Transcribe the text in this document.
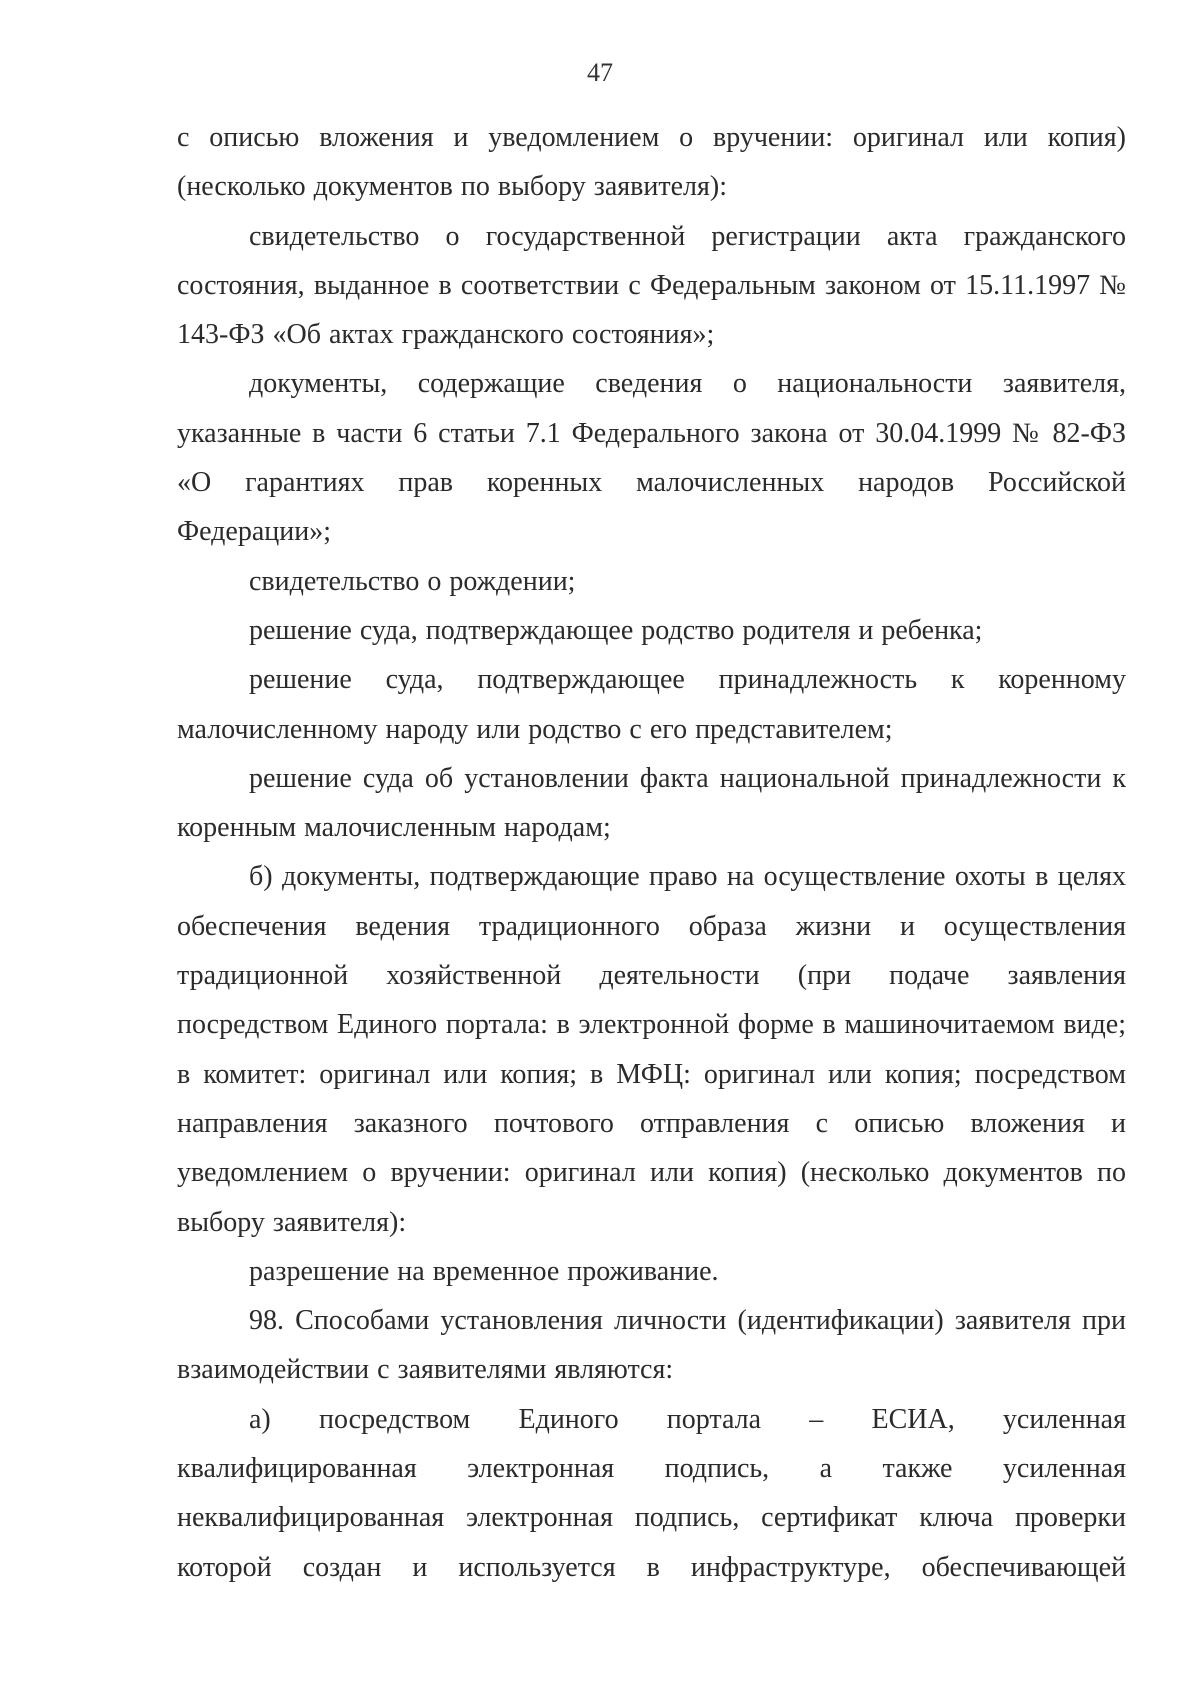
47

с описью вложения и уведомлением о вручении: оригинал или копия) (несколько документов по выбору заявителя):

свидетельство о государственной регистрации акта гражданского состояния, выданное в соответствии с Федеральным законом от 15.11.1997 № 143-ФЗ «Об актах гражданского состояния»;

документы, содержащие сведения о национальности заявителя, указанные в части 6 статьи 7.1 Федерального закона от 30.04.1999 № 82-ФЗ «О гарантиях прав коренных малочисленных народов Российской Федерации»;

свидетельство о рождении;

решение суда, подтверждающее родство родителя и ребенка;

решение суда, подтверждающее принадлежность к коренному малочисленному народу или родство с его представителем;

решение суда об установлении факта национальной принадлежности к коренным малочисленным народам;

б) документы, подтверждающие право на осуществление охоты в целях обеспечения ведения традиционного образа жизни и осуществления традиционной хозяйственной деятельности (при подаче заявления посредством Единого портала: в электронной форме в машиночитаемом виде; в комитет: оригинал или копия; в МФЦ: оригинал или копия; посредством направления заказного почтового отправления с описью вложения и уведомлением о вручении: оригинал или копия) (несколько документов по выбору заявителя):

разрешение на временное проживание.

98. Способами установления личности (идентификации) заявителя при взаимодействии с заявителями являются:

а) посредством Единого портала – ЕСИА, усиленная квалифицированная электронная подпись, а также усиленная неквалифицированная электронная подпись, сертификат ключа проверки которой создан и используется в инфраструктуре, обеспечивающей
